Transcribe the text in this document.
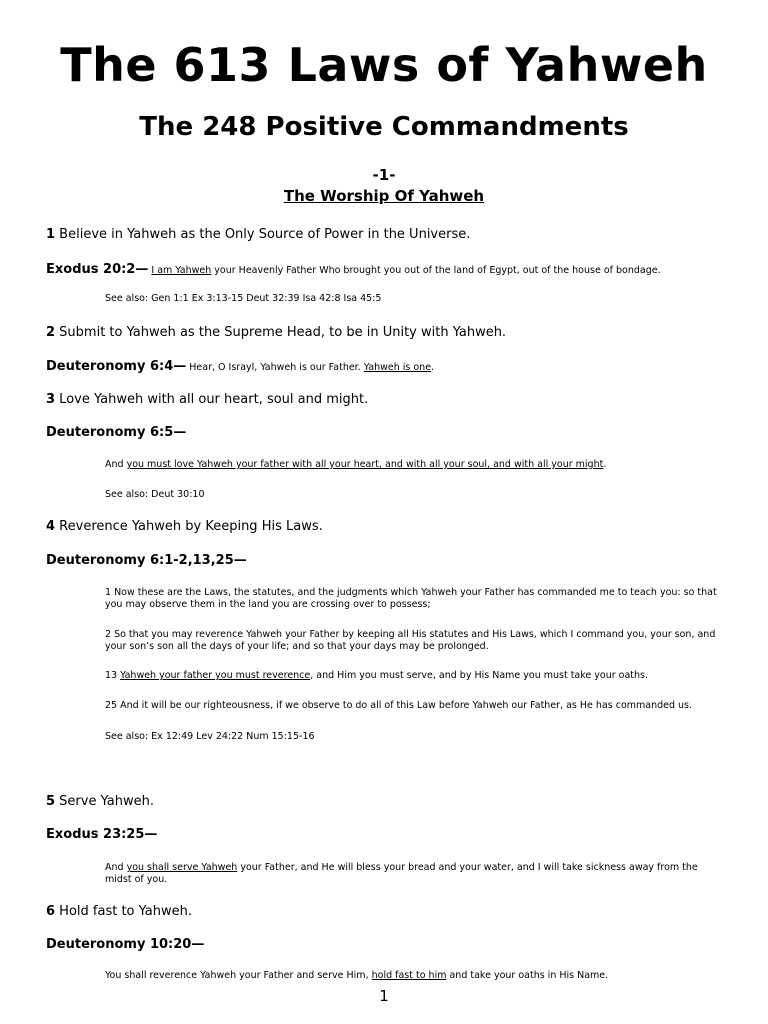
The 613 Laws of Yahweh
The 248 Positive Commandments
-1-
The Worship Of Yahweh
1 Believe in Yahweh as the Only Source of Power in the Universe.
Exodus 20:2— I am Yahweh your Heavenly Father Who brought you out of the land of Egypt, out of the house of bondage.
See also: Gen 1:1 Ex 3:13-15 Deut 32:39 Isa 42:8 Isa 45:5
2 Submit to Yahweh as the Supreme Head, to be in Unity with Yahweh.
Deuteronomy 6:4— Hear, O Israyl, Yahweh is our Father. Yahweh is one.
3 Love Yahweh with all our heart, soul and might.
Deuteronomy 6:5—
And you must love Yahweh your father with all your heart, and with all your soul, and with all your might.
See also: Deut 30:10
4 Reverence Yahweh by Keeping His Laws.
Deuteronomy 6:1-2,13,25—
1 Now these are the Laws, the statutes, and the judgments which Yahweh your Father has commanded me to teach you: so that you may observe them in the land you are crossing over to possess;
2 So that you may reverence Yahweh your Father by keeping all His statutes and His Laws, which I command you, your son, and your son’s son all the days of your life; and so that your days may be prolonged.
13 Yahweh your father you must reverence, and Him you must serve, and by His Name you must take your oaths.
25 And it will be our righteousness, if we observe to do all of this Law before Yahweh our Father, as He has commanded us.
See also: Ex 12:49 Lev 24:22 Num 15:15-16
5 Serve Yahweh.
Exodus 23:25—
And you shall serve Yahweh your Father, and He will bless your bread and your water, and I will take sickness away from the midst of you.
6 Hold fast to Yahweh.
Deuteronomy 10:20—
You shall reverence Yahweh your Father and serve Him, hold fast to him and take your oaths in His Name.
1
